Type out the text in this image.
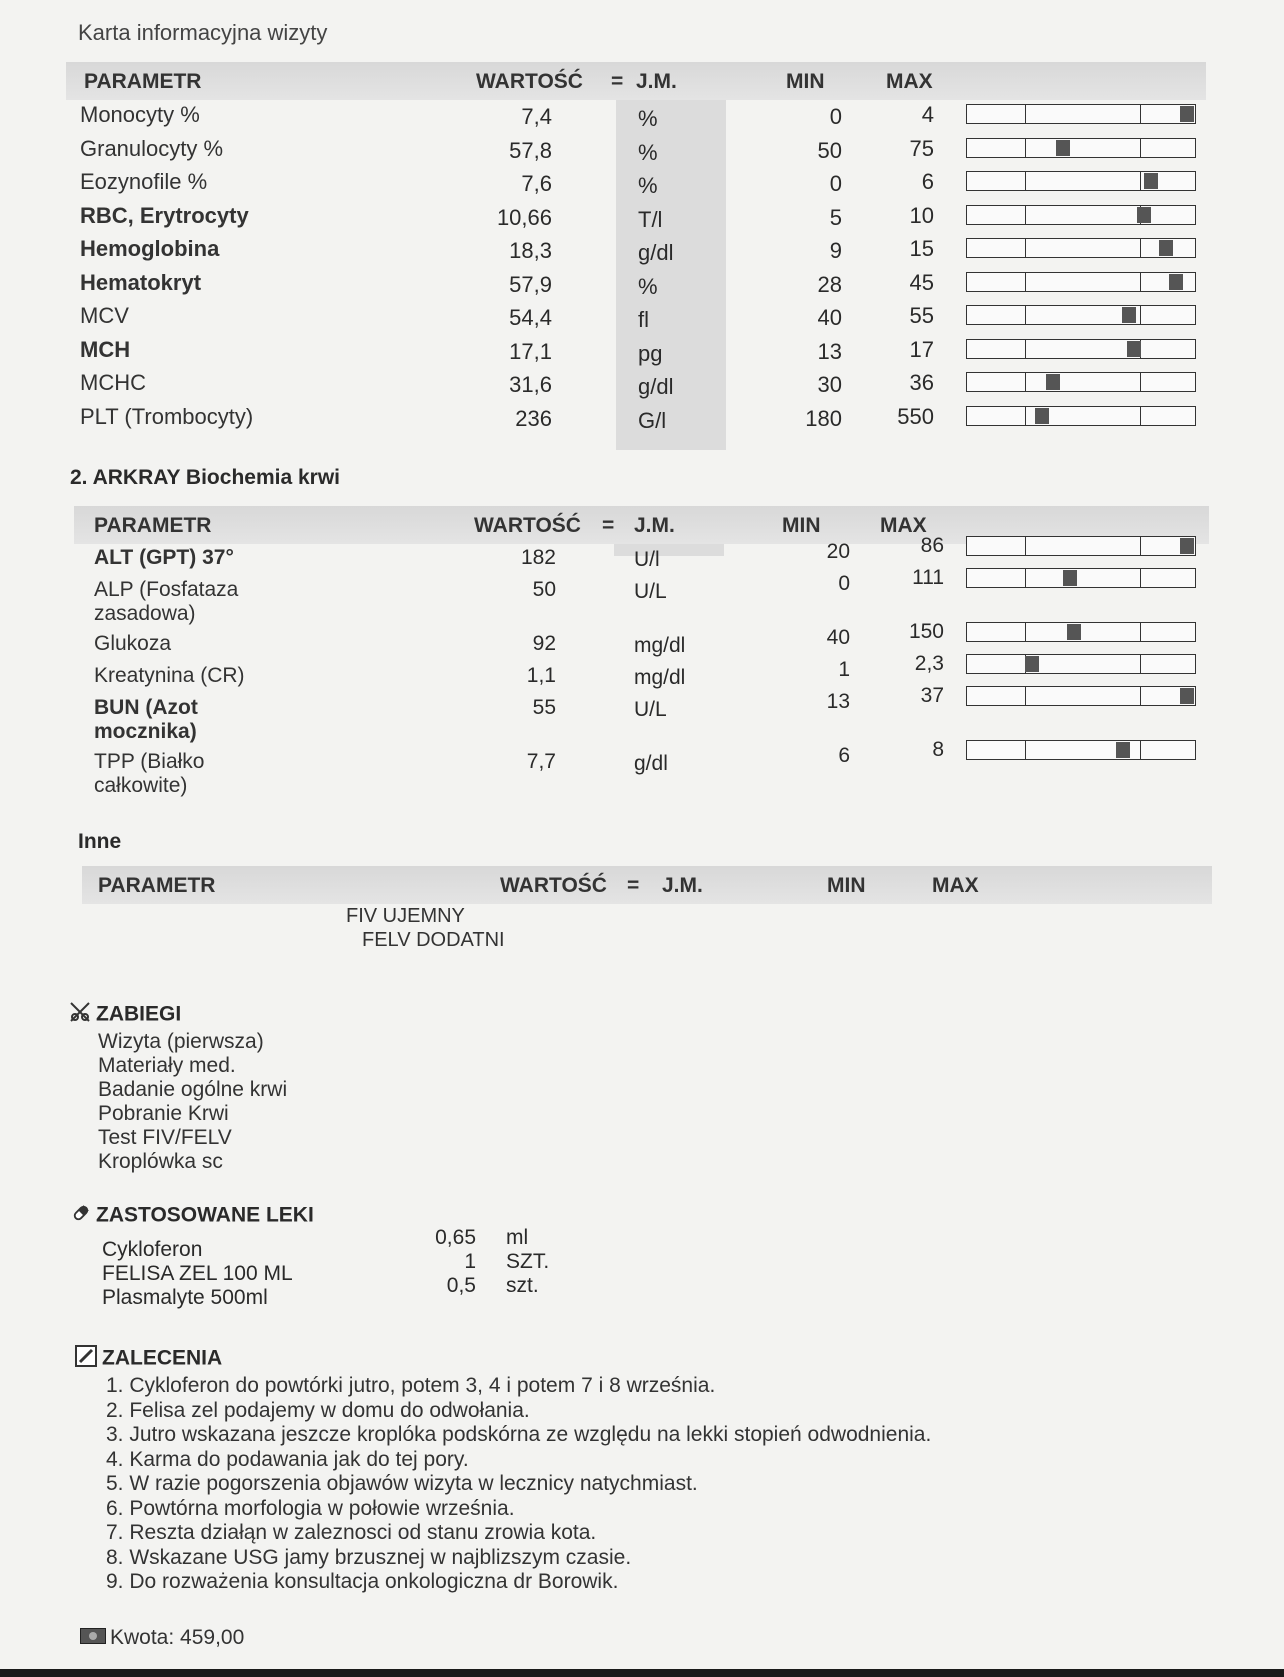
Karta informacyjna wizyty
PARAMETR	WARTOŚĆ = J.M.	MIN	MAX
Monocyty %	7,4	%	0	4
Granulocyty %	57,8	%	50	75
Eozynofile %	7,6	%	0	6
RBC, Erytrocyty	10,66	T/l	5	10
Hemoglobina	18,3	g/dl	9	15
Hematokryt	57,9	%	28	45
MCV	54,4	fl	40	55
MCH	17,1	pg	13	17
MCHC	31,6	g/dl	30	36
PLT (Trombocyty)	236	G/l	180	550
2. ARKRAY Biochemia krwi
PARAMETR	WARTOŚĆ = J.M.	MIN	MAX
ALT (GPT) 37°	182	U/l	20	86
ALP (Fosfataza
zasadowa)
50	U/L	0	111
Glukoza	92	mg/dl	40	150
Kreatynina (CR)	1,1	mg/dl	1	2,3
BUN (Azot
mocznika)
55	U/L	13	37
TPP (Białko
całkowite)
7,7	g/dl	6	8
Inne
PARAMETR	WARTOŚĆ = J.M.	MIN	MAX
FIV UJEMNY
FELV DODATNI
ZABIEGI
Wizyta (pierwsza)
Materiały med.
Badanie ogólne krwi
Pobranie Krwi
Test FIV/FELV
Kroplówka sc
ZASTOSOWANE LEKI
Cykloferon
0,65 ml
FELISA ZEL 100 ML
1 SZT.
Plasmalyte 500ml
0,5 szt.
ZALECENIA
1. Cykloferon do powtórki jutro, potem 3, 4 i potem 7 i 8 września.
2. Felisa zel podajemy w domu do odwołania.
3. Jutro wskazana jeszcze kroplóka podskórna ze względu na lekki stopień odwodnienia.
4. Karma do podawania jak do tej pory.
5. W razie pogorszenia objawów wizyta w lecznicy natychmiast.
6. Powtórna morfologia w połowie września.
7. Reszta działąn w zaleznosci od stanu zrowia kota.
8. Wskazane USG jamy brzusznej w najblizszym czasie.
9. Do rozważenia konsultacja onkologiczna dr Borowik.
Kwota: 459,00
